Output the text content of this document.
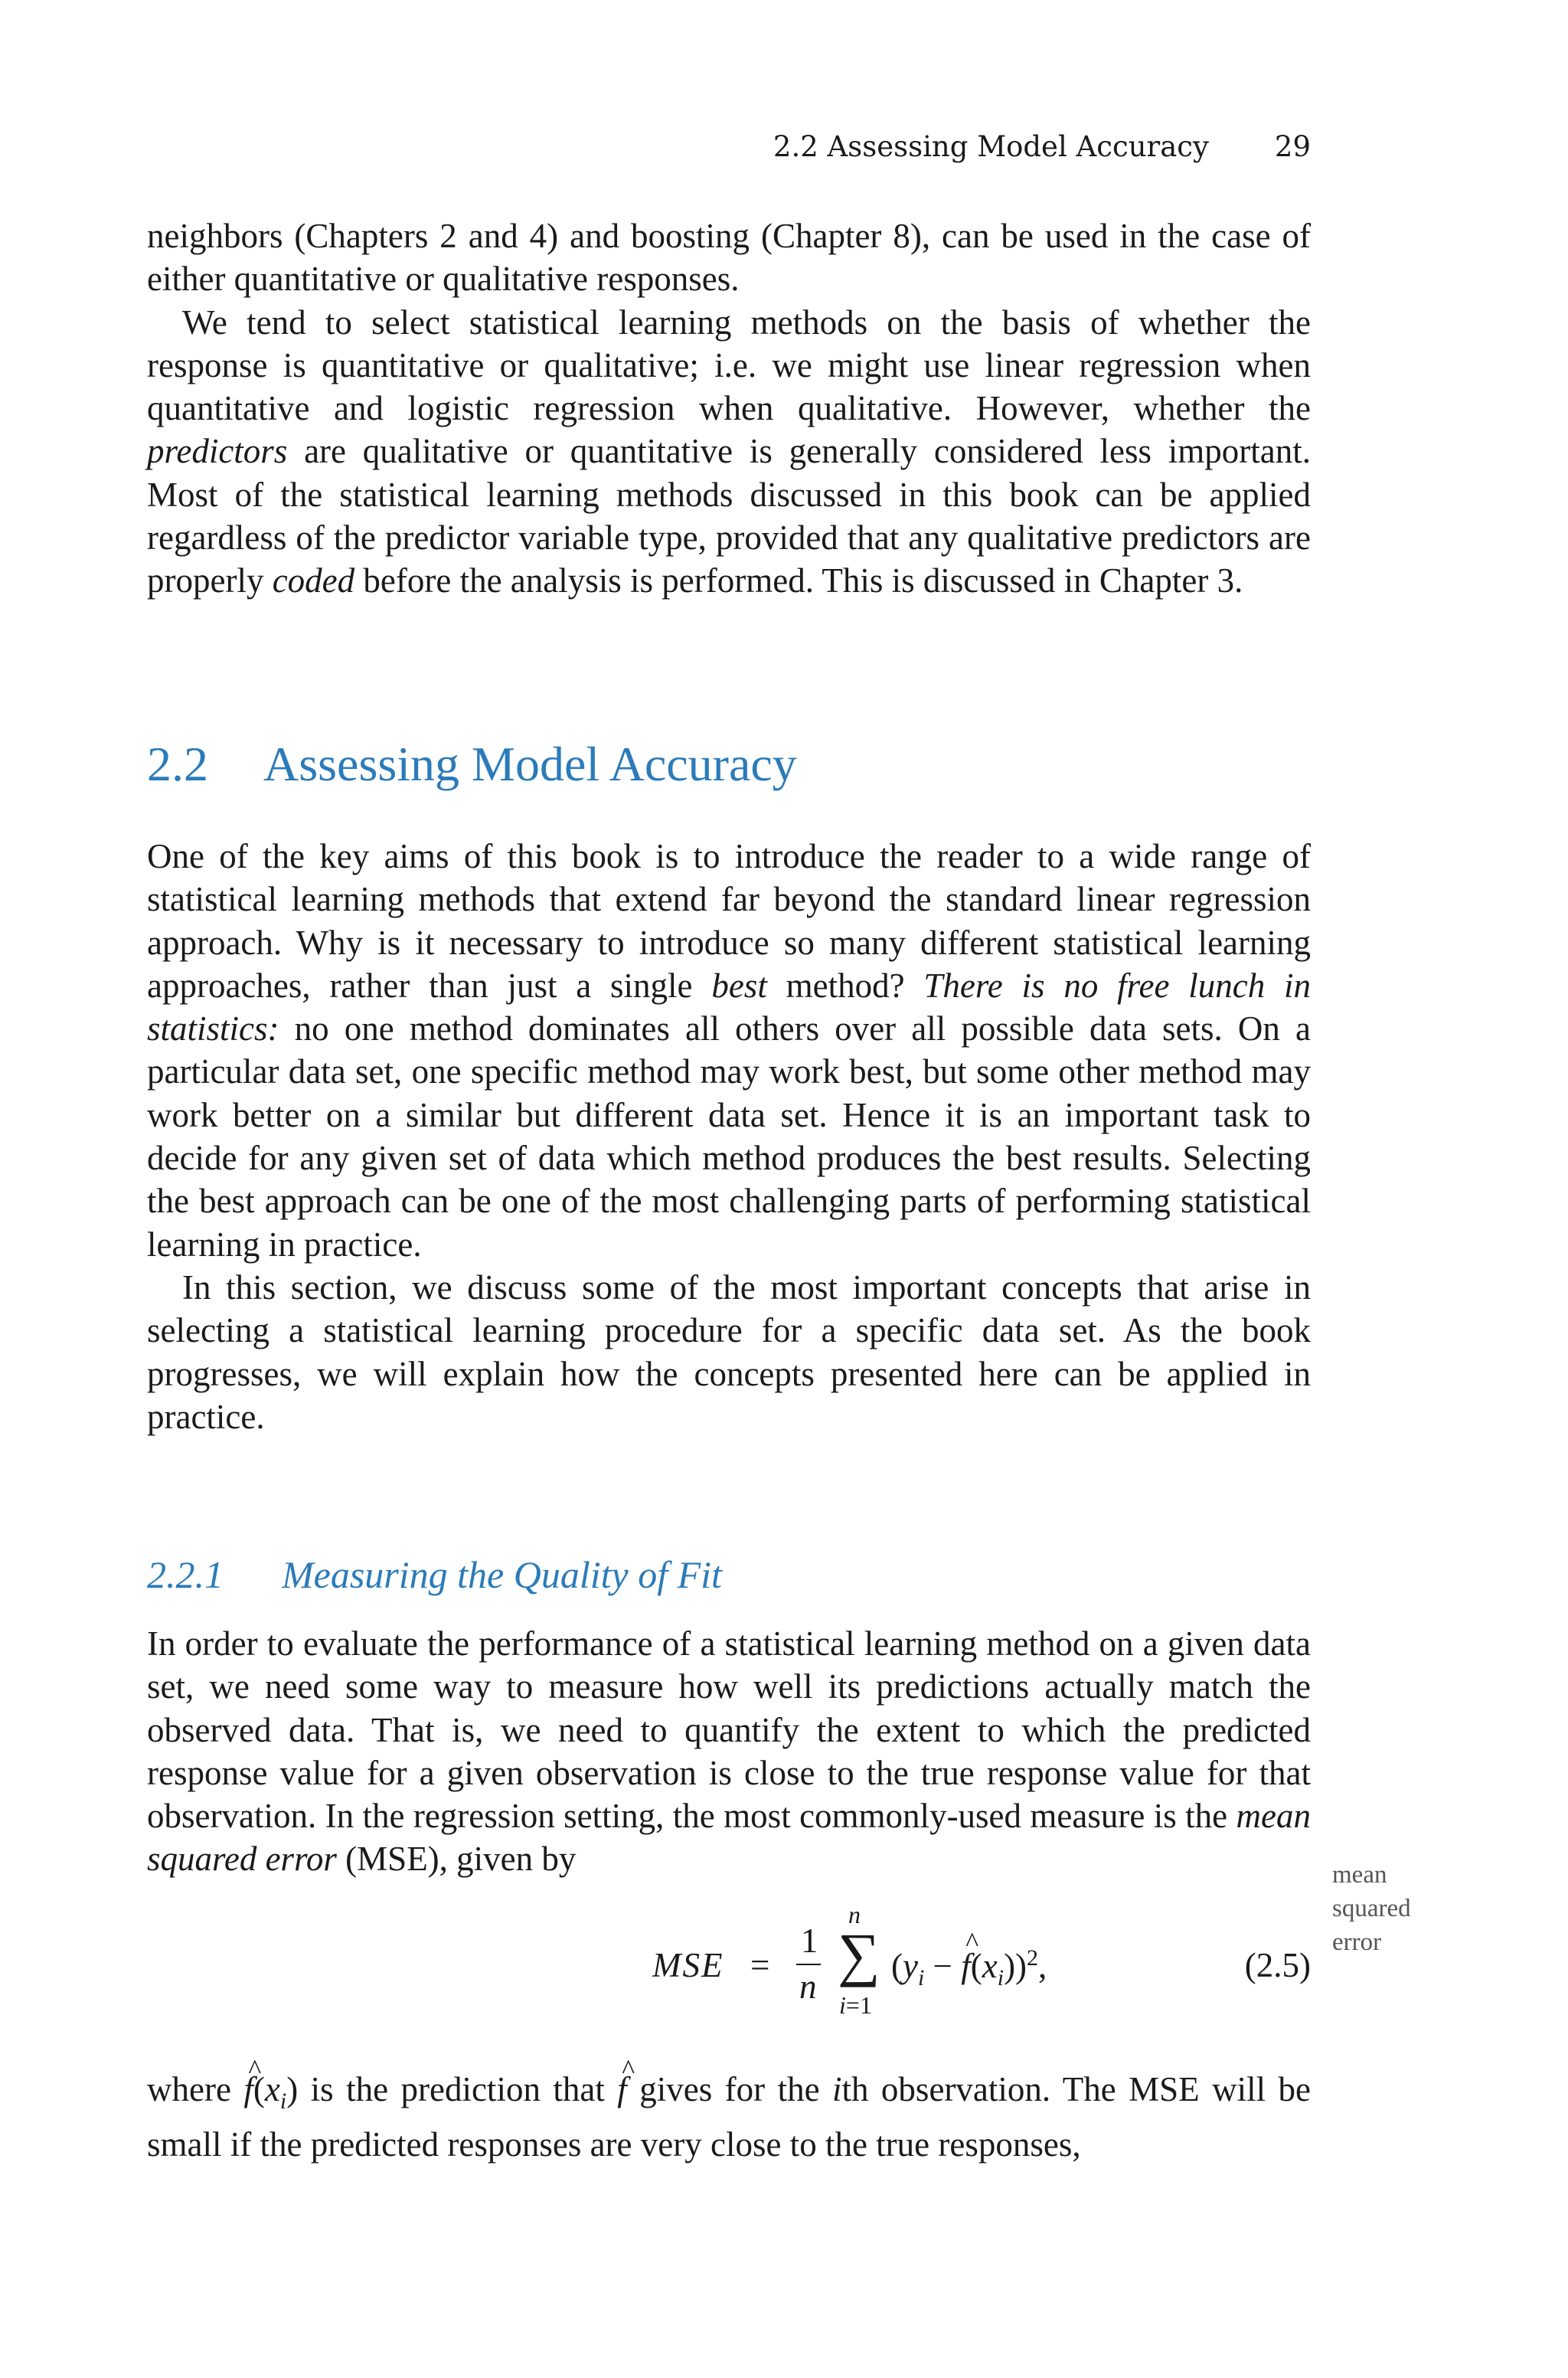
2.2 Assessing Model Accuracy 29

neighbors (Chapters 2 and 4) and boosting (Chapter 8), can be used in the case of either quantitative or qualitative responses.

We tend to select statistical learning methods on the basis of whether the response is quantitative or qualitative; i.e. we might use linear regression when quantitative and logistic regression when qualitative. However, whether the predictors are qualitative or quantitative is generally considered less important. Most of the statistical learning methods discussed in this book can be applied regardless of the predictor variable type, provided that any qualitative predictors are properly coded before the analysis is performed. This is discussed in Chapter 3.

2.2 Assessing Model Accuracy

One of the key aims of this book is to introduce the reader to a wide range of statistical learning methods that extend far beyond the standard linear regression approach. Why is it necessary to introduce so many different statistical learning approaches, rather than just a single best method? There is no free lunch in statistics: no one method dominates all others over all possible data sets. On a particular data set, one specific method may work best, but some other method may work better on a similar but different data set. Hence it is an important task to decide for any given set of data which method produces the best results. Selecting the best approach can be one of the most challenging parts of performing statistical learning in practice.

In this section, we discuss some of the most important concepts that arise in selecting a statistical learning procedure for a specific data set. As the book progresses, we will explain how the concepts presented here can be applied in practice.

2.2.1 Measuring the Quality of Fit

In order to evaluate the performance of a statistical learning method on a given data set, we need some way to measure how well its predictions actually match the observed data. That is, we need to quantify the extent to which the predicted response value for a given observation is close to the true response value for that observation. In the regression setting, the most commonly-used measure is the mean squared error (MSE), given by	mean
squared
error
MSE =
1
n
n
∑
i=1
($y_i$ − ^ $f(x_i))^2$,	(2.5)

where ^ $f(x_i)$ is the prediction that ^ f gives for the ith observation. The MSE will be small if the predicted responses are very close to the true responses,
